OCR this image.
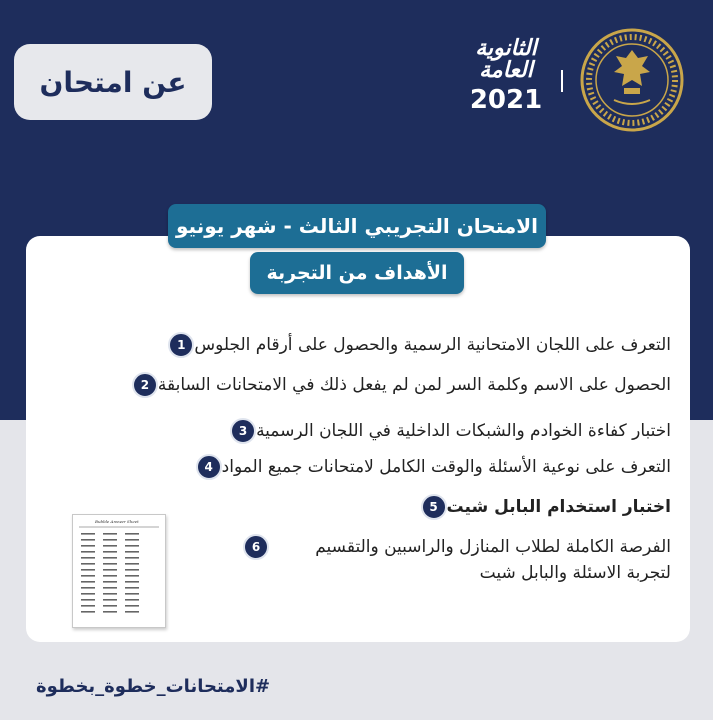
عن امتحان
الثانوية
العامة
2021
الامتحان التجريبي الثالث - شهر يونيو
الأهداف من التجربة
1 التعرف على اللجان الامتحانية الرسمية والحصول على أرقام الجلوس
2 الحصول على الاسم وكلمة السر لمن لم يفعل ذلك في الامتحانات السابقة
3 اختبار كفاءة الخوادم والشبكات الداخلية في اللجان الرسمية
4 التعرف على نوعية الأسئلة والوقت الكامل لامتحانات جميع المواد
5 اختبار استخدام البابل شيت
6	الفرصة الكاملة لطلاب المنازل والراسبين والتقسيم لتجربة الاسئلة والبابل شيت
Bubble Answer Sheet
#الامتحانات_خطوة_بخطوة
